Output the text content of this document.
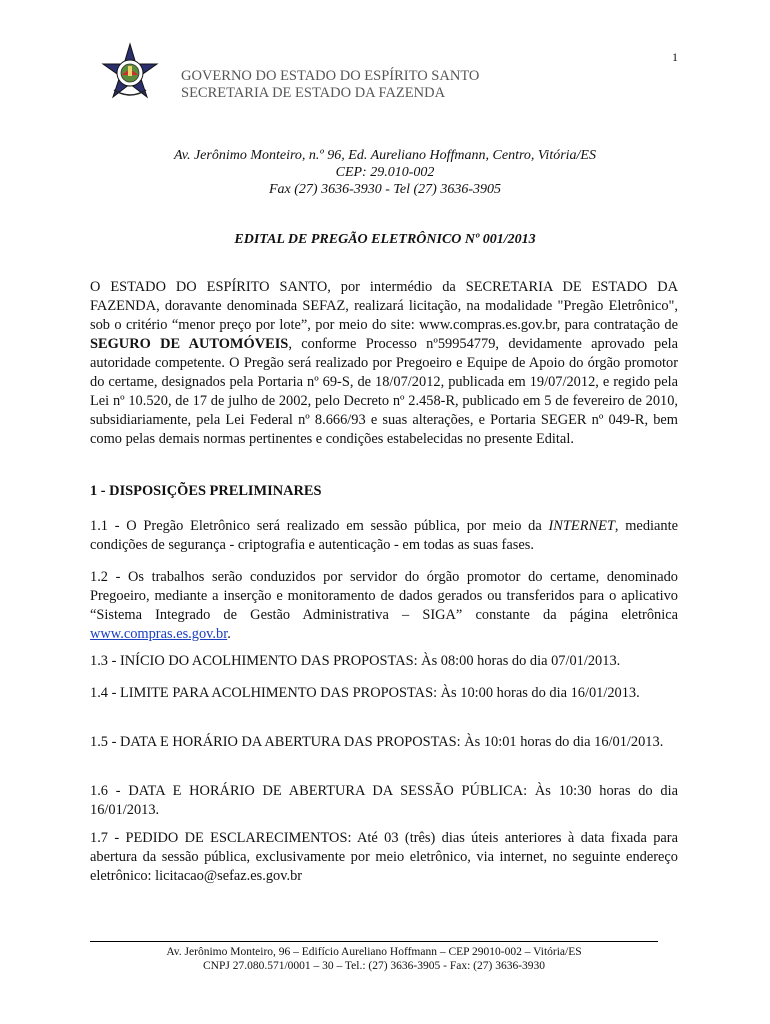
1
GOVERNO DO ESTADO DO ESPÍRITO SANTO
SECRETARIA DE ESTADO DA FAZENDA
Av. Jerônimo Monteiro, n.º 96, Ed. Aureliano Hoffmann, Centro, Vitória/ES
CEP: 29.010-002
Fax (27) 3636-3930 - Tel (27) 3636-3905
EDITAL DE PREGÃO ELETRÔNICO Nº 001/2013
O ESTADO DO ESPÍRITO SANTO, por intermédio da SECRETARIA DE ESTADO DA FAZENDA, doravante denominada SEFAZ, realizará licitação, na modalidade "Pregão Eletrônico", sob o critério “menor preço por lote”, por meio do site: www.compras.es.gov.br, para contratação de SEGURO DE AUTOMÓVEIS, conforme Processo nº59954779, devidamente aprovado pela autoridade competente. O Pregão será realizado por Pregoeiro e Equipe de Apoio do órgão promotor do certame, designados pela Portaria nº 69-S, de 18/07/2012, publicada em 19/07/2012, e regido pela Lei nº 10.520, de 17 de julho de 2002, pelo Decreto nº 2.458-R, publicado em 5 de fevereiro de 2010, subsidiariamente, pela Lei Federal nº 8.666/93 e suas alterações, e Portaria SEGER nº 049-R, bem como pelas demais normas pertinentes e condições estabelecidas no presente Edital.
1 - DISPOSIÇÕES PRELIMINARES
1.1 - O Pregão Eletrônico será realizado em sessão pública, por meio da INTERNET, mediante condições de segurança - criptografia e autenticação - em todas as suas fases.
1.2 - Os trabalhos serão conduzidos por servidor do órgão promotor do certame, denominado Pregoeiro, mediante a inserção e monitoramento de dados gerados ou transferidos para o aplicativo “Sistema Integrado de Gestão Administrativa – SIGA” constante da página eletrônica www.compras.es.gov.br.
1.3 - INÍCIO DO ACOLHIMENTO DAS PROPOSTAS: Às 08:00 horas do dia 07/01/2013.
1.4 - LIMITE PARA ACOLHIMENTO DAS PROPOSTAS: Às 10:00 horas do dia 16/01/2013.
1.5 - DATA E HORÁRIO DA ABERTURA DAS PROPOSTAS: Às 10:01 horas do dia 16/01/2013.
1.6 - DATA E HORÁRIO DE ABERTURA DA SESSÃO PÚBLICA: Às 10:30 horas do dia 16/01/2013.
1.7 - PEDIDO DE ESCLARECIMENTOS: Até 03 (três) dias úteis anteriores à data fixada para abertura da sessão pública, exclusivamente por meio eletrônico, via internet, no seguinte endereço eletrônico: licitacao@sefaz.es.gov.br
Av. Jerônimo Monteiro, 96 – Edifício Aureliano Hoffmann – CEP 29010-002 – Vitória/ES
CNPJ 27.080.571/0001 – 30 – Tel.: (27) 3636-3905 - Fax: (27) 3636-3930
